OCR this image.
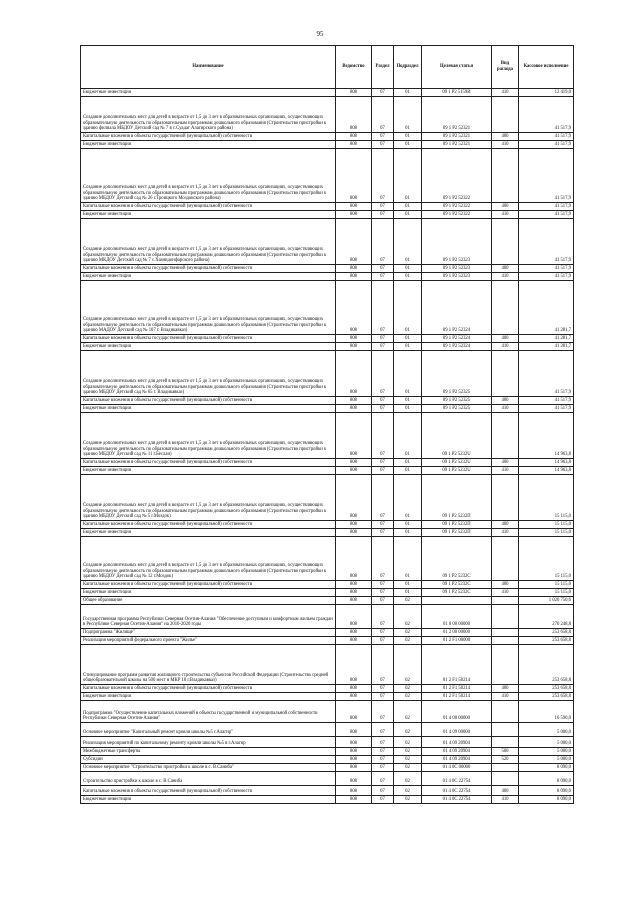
95
Наименование	Ведомство	Раздел	Подраздел	Целевая статья	Вид расхода	Кассовое исполнение
Бюджетные инвестиции	808	07	01	09 1 P2 5159И	410	12 419,0
Создание дополнительных мест для детей в возрасте от 1,5 до 3 лет в образовательных организациях, осуществляющих образовательную деятельность по образовательным программам дошкольного образования (Строительство пристройки к зданию филиала МБДОУ Детский сад № 7 в с.Суадаг Алагирского района)	808	07	01	09 1 P2 52321		41 517,9
Капитальные вложения в объекты государственной (муниципальной) собственности	808	07	01	09 1 P2 52321	400	41 517,9
Бюджетные инвестиции	808	07	01	09 1 P2 52321	410	41 517,9
Создание дополнительных мест для детей в возрасте от 1,5 до 3 лет в образовательных организациях, осуществляющих образовательную деятельность по образовательным программам дошкольного образования (Строительство пристройки к зданию МБДОУ Детский сад № 26 г.Троицкого Моздокского района)	808	07	01	09 1 P2 52322		41 517,9
Капитальные вложения в объекты государственной (муниципальной) собственности	808	07	01	09 1 P2 52322	400	41 517,9
Бюджетные инвестиции	808	07	01	09 1 P2 52322	410	41 517,9
Создание дополнительных мест для детей в возрасте от 1,5 до 3 лет в образовательных организациях, осуществляющих образовательную деятельность по образовательным программам дошкольного образования (Строительство пристройки к зданию МКДОУ Детский сад № 7 с.Хазнидонфарского района)	808	07	01	09 1 P2 52323		41 517,9
Капитальные вложения в объекты государственной (муниципальной) собственности	808	07	01	09 1 P2 52323	400	41 517,9
Бюджетные инвестиции	808	07	01	09 1 P2 52323	410	41 517,9
Создание дополнительных мест для детей в возрасте от 1,5 до 3 лет в образовательных организациях, осуществляющих образовательную деятельность по образовательным программам дошкольного образования (Строительство пристройки к зданию МАДОУ Детский сад № 107 г. Владикавказ)	808	07	01	09 1 P2 52324		41 281,7
Капитальные вложения в объекты государственной (муниципальной) собственности	808	07	01	09 1 P2 52324	400	41 281,7
Бюджетные инвестиции	808	07	01	09 1 P2 52324	410	41 281,7
Создание дополнительных мест для детей в возрасте от 1,5 до 3 лет в образовательных организациях, осуществляющих образовательную деятельность по образовательным программам дошкольного образования (Строительство пристройки к зданию МБДОУ Детский сад № 65 г. Владикавказ)	808	07	01	09 1 P2 52325		41 517,9
Капитальные вложения в объекты государственной (муниципальной) собственности	808	07	01	09 1 P2 52325	400	41 517,9
Бюджетные инвестиции	808	07	01	09 1 P2 52325	410	41 517,9
Создание дополнительных мест для детей в возрасте от 1,5 до 3 лет в образовательных организациях, осуществляющих образовательную деятельность по образовательным программам дошкольного образования (Строительство пристройки к зданию МБДОУ Детский сад № 11 г.Беслан)	808	07	01	09 1 P2 5232U		14 963,8
Капитальные вложения в объекты государственной (муниципальной) собственности	808	07	01	09 1 P2 5232U	400	14 963,8
Бюджетные инвестиции	808	07	01	09 1 P2 5232U	410	14 963,8
Создание дополнительных мест для детей в возрасте от 1,5 до 3 лет в образовательных организациях, осуществляющих образовательную деятельность по образовательным программам дошкольного образования (Строительство пристройки к зданию МБДОУ Детский сад № 5 г.Моздок)	808	07	01	09 1 P2 5232П		15 115,0
Капитальные вложения в объекты государственной (муниципальной) собственности	808	07	01	09 1 P2 5232П	400	15 115,0
Бюджетные инвестиции	808	07	01	09 1 P2 5232П	410	15 115,0
Создание дополнительных мест для детей в возрасте от 1,5 до 3 лет в образовательных организациях, осуществляющих образовательную деятельность по образовательным программам дошкольного образования (Строительство пристройки к зданию МБДОУ Детский сад № 12 г.Моздок)	808	07	01	09 1 P2 5232С		15 115,0
Капитальные вложения в объекты государственной (муниципальной) собственности	808	07	01	09 1 P2 5232С	400	15 115,0
Бюджетные инвестиции	808	07	01	09 1 P2 5232С	410	15 115,0
Общее образование	808	07	02			1 020 750,6
Государственная программа Республики Северная Осетия-Алания "Обеспечение доступным и комфортным жильем граждан в Республике Северная Осетия-Алания" на 2016-2020 годы	808	07	02	01 0 00 00000		270 248,8
Подпрограмма "Жилище"	808	07	02	01 2 00 00000		253 658,8
Реализация мероприятий федерального проекта "Жилье"	808	07	02	01 2 F1 00000		253 658,8
Стимулирование программ развития жилищного строительства субъектов Российской Федерации (Строительство средней общеобразовательной школы на 500 мест в МКР 18 г.Владикавказ)	808	07	02	01 2 F1 50214		253 658,8
Капитальные вложения в объекты государственной (муниципальной) собственности	808	07	02	01 2 F1 50214	400	253 658,8
Бюджетные инвестиции	808	07	02	01 2 F1 50214	410	253 658,8
Подпрограмма "Осуществление капитальных вложений в объекты государственной и муниципальной собственности Республики Северная Осетия-Алания"	808	07	02	01 4 00 00000		16 590,0
Основное мероприятие "Капитальный ремонт кровли школы №5 г.Алагир"	808	07	02	01 4 09 00000		5 000,0
Реализация мероприятий по капитальному ремонту кровли школы №5 в г.Алагир	808	07	02	01 4 09 20904		5 000,0
Межбюджетные трансферты	808	07	02	01 4 09 20904	500	5 000,0
Субсидии	808	07	02	01 4 09 20904	520	5 000,0
Основное мероприятие "Строительство пристройки к школе в с. В.Саниба"	808	07	02	01 4 0С 00000		8 090,0
Строительство пристройки к школе в с. В.Саниба	808	07	02	01 4 0С 22754		8 090,0
Капитальные вложения в объекты государственной (муниципальной) собственности	808	07	02	01 4 0С 22754	400	8 090,0
Бюджетные инвестиции	808	07	02	01 4 0С 22754	410	8 090,0
